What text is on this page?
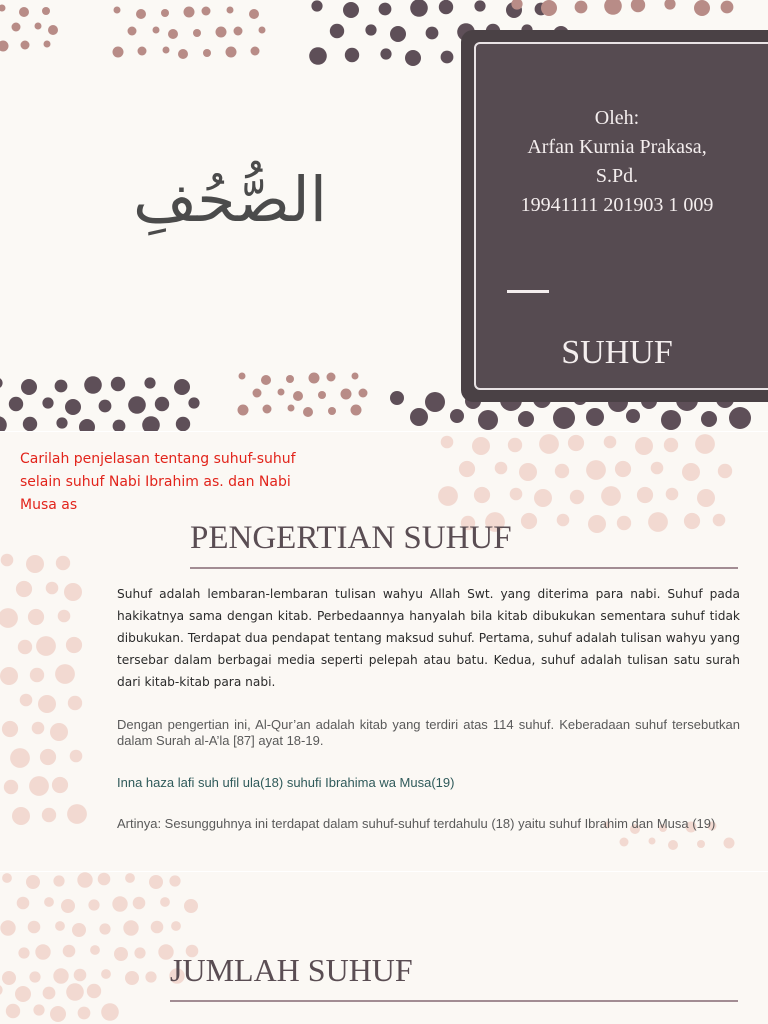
الصُّحُفِ
Oleh:
Arfan Kurnia Prakasa,
S.Pd.
19941111 201903 1 009
SUHUF
Carilah penjelasan tentang suhuf-suhuf selain suhuf Nabi Ibrahim as. dan Nabi Musa as
PENGERTIAN SUHUF

Suhuf adalah lembaran-lembaran tulisan wahyu Allah Swt. yang diterima para nabi. Suhuf pada hakikatnya sama dengan kitab. Perbedaannya hanyalah bila kitab dibukukan sementara suhuf tidak dibukukan. Terdapat dua pendapat tentang maksud suhuf. Pertama, suhuf adalah tulisan wahyu yang tersebar dalam berbagai media seperti pelepah atau batu. Kedua, suhuf adalah tulisan satu surah dari kitab-kitab para nabi.

Dengan pengertian ini, Al-Qur’an adalah kitab yang terdiri atas 114 suhuf. Keberadaan suhuf tersebutkan dalam Surah al-A’la [87] ayat 18-19.

Inna haza lafi suh ufil ula(18) suhufi Ibrahima wa Musa(19)

Artinya: Sesungguhnya ini terdapat dalam suhuf-suhuf terdahulu (18) yaitu suhuf Ibrahim dan Musa (19)

JUMLAH SUHUF
